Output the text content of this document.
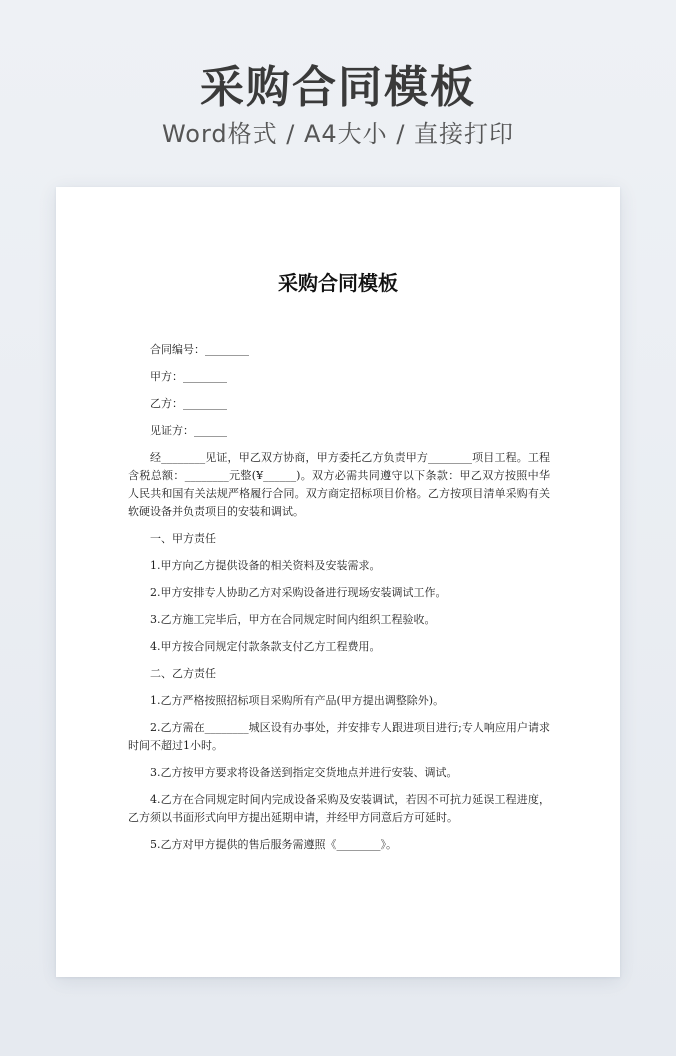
采购合同模板
Word格式 / A4大小 / 直接打印
采购合同模板

合同编号：________

甲方：________

乙方：________

见证方：______

经________见证，甲乙双方协商，甲方委托乙方负责甲方________项目工程。工程含税总额：________元整(¥______)。双方必需共同遵守以下条款：甲乙双方按照中华人民共和国有关法规严格履行合同。双方商定招标项目价格。乙方按项目清单采购有关软硬设备并负责项目的安装和调试。

一、甲方责任

1.甲方向乙方提供设备的相关资料及安装需求。

2.甲方安排专人协助乙方对采购设备进行现场安装调试工作。

3.乙方施工完毕后，甲方在合同规定时间内组织工程验收。

4.甲方按合同规定付款条款支付乙方工程费用。

二、乙方责任

1.乙方严格按照招标项目采购所有产品(甲方提出调整除外)。

2.乙方需在________城区设有办事处，并安排专人跟进项目进行;专人响应用户请求时间不超过1小时。

3.乙方按甲方要求将设备送到指定交货地点并进行安装、调试。

4.乙方在合同规定时间内完成设备采购及安装调试，若因不可抗力延误工程进度，乙方须以书面形式向甲方提出延期申请，并经甲方同意后方可延时。

5.乙方对甲方提供的售后服务需遵照《________》。
